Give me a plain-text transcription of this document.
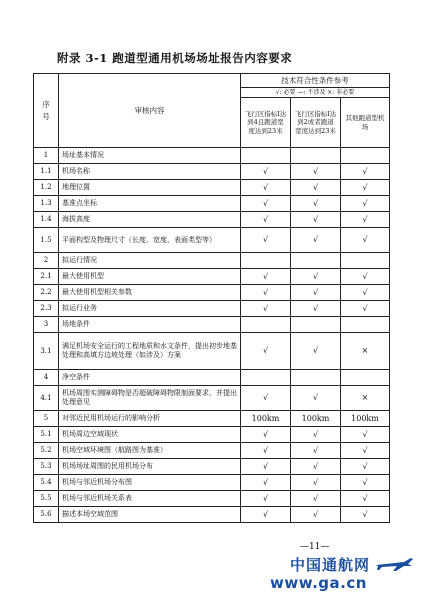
附录 3-1 跑道型通用机场场址报告内容要求
序号	审核内容	技术符合性条件参考		
		√: 必要 —: 不涉及 ×: 非必要		
		飞行区指标Ⅰ达到4且跑道宽度达到23米	飞行区指标Ⅰ达到2或者跑道宽度达到23米	其他跑道型机场
1	场址基本情况			
1.1	机场名称	√	√	√
1.2	地理位置	√	√	√
1.3	基准点坐标	√	√	√
1.4	海拔高度	√	√	√
1.5	平面构型及物理尺寸（长度、宽度、表面类型等）	√	√	√
2	拟运行情况			
2.1	最大使用机型	√	√	√
2.2	最大使用机型相关参数	√	√	√
2.3	拟运行业务	√	√	√
3	场地条件			
3.1	满足机场安全运行的工程地质和水文条件，提出初步地基处理和高填方边坡处理（如涉及）方案	√	√	×
4	净空条件			
4.1	机场周围实测障碍物是否超破障碍物限制面要求，并提出处理意见	√	√	×
5	对邻近民用机场运行的影响分析	100km	100km	100km
5.1	机场周边空域现状	√	√	√
5.2	机场空域环境图（航路图为基准）	√	√	√
5.3	机场场址周围的民用机场分布	√	√	√
5.4	机场与邻近机场分布图	√	√	√
5.5	机场与邻近机场关系表	√	√	√
5.6	描述本场空域范围	√	√	√
—11—
中国通航网
www.ga.cn
